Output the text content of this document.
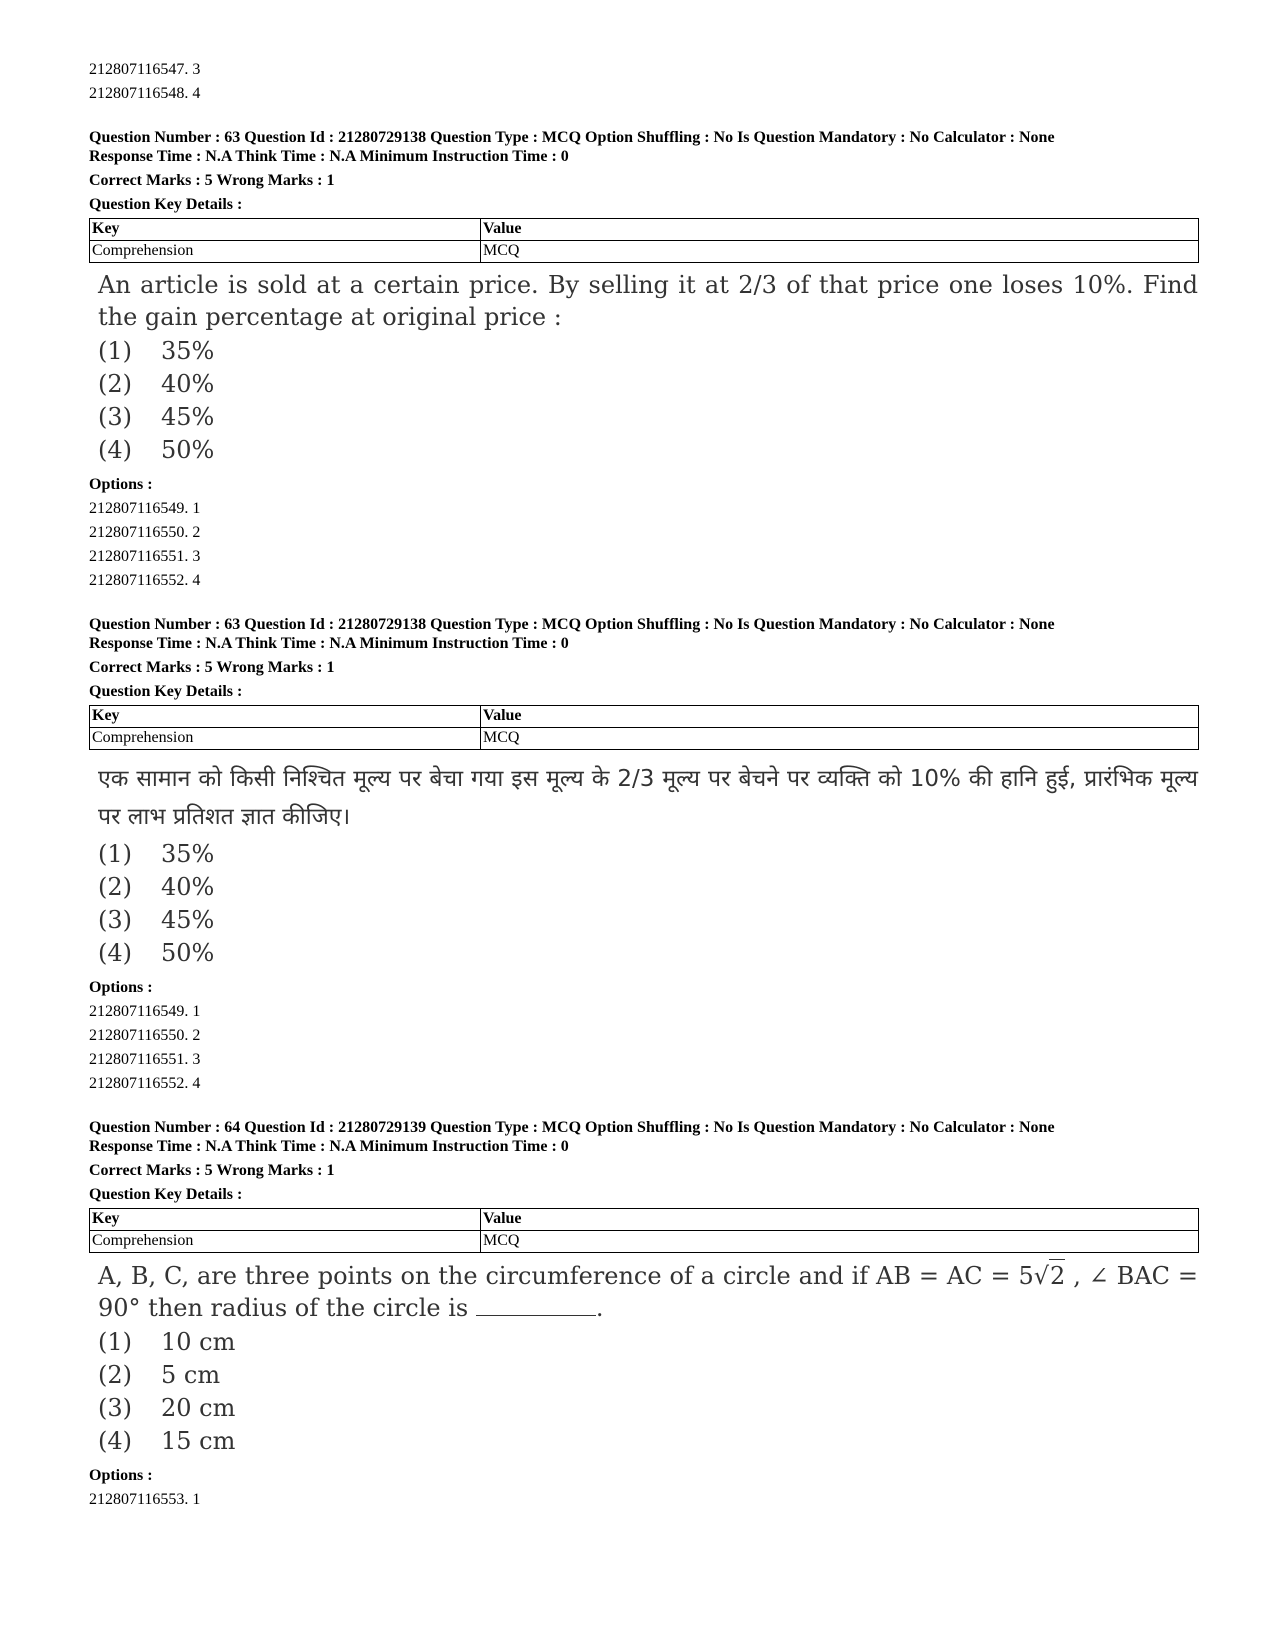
212807116547. 3
212807116548. 4
Question Number : 63 Question Id : 21280729138 Question Type : MCQ Option Shuffling : No Is Question Mandatory : No Calculator : None
Response Time : N.A Think Time : N.A Minimum Instruction Time : 0
Correct Marks : 5 Wrong Marks : 1
Question Key Details :
Key	Value
Comprehension	MCQ
An article is sold at a certain price. By selling it at 2/3 of that price one loses 10%. Find the gain percentage at original price :
(1) 35%
(2) 40%
(3) 45%
(4) 50%
Options :
212807116549. 1
212807116550. 2
212807116551. 3
212807116552. 4
Question Number : 63 Question Id : 21280729138 Question Type : MCQ Option Shuffling : No Is Question Mandatory : No Calculator : None
Response Time : N.A Think Time : N.A Minimum Instruction Time : 0
Correct Marks : 5 Wrong Marks : 1
Question Key Details :
Key	Value
Comprehension	MCQ
एक सामान को किसी निश्चित मूल्य पर बेचा गया इस मूल्य के 2/3 मूल्य पर बेचने पर व्यक्ति को 10% की हानि हुई, प्रारंभिक मूल्य पर लाभ प्रतिशत ज्ञात कीजिए।
(1) 35%
(2) 40%
(3) 45%
(4) 50%
Options :
212807116549. 1
212807116550. 2
212807116551. 3
212807116552. 4
Question Number : 64 Question Id : 21280729139 Question Type : MCQ Option Shuffling : No Is Question Mandatory : No Calculator : None
Response Time : N.A Think Time : N.A Minimum Instruction Time : 0
Correct Marks : 5 Wrong Marks : 1
Question Key Details :
Key	Value
Comprehension	MCQ
A, B, C, are three points on the circumference of a circle and if AB = AC = 5√2 , ∠ BAC = 90° then radius of the circle is	.
(1) 10 cm
(2) 5 cm
(3) 20 cm
(4) 15 cm
Options :
212807116553. 1
